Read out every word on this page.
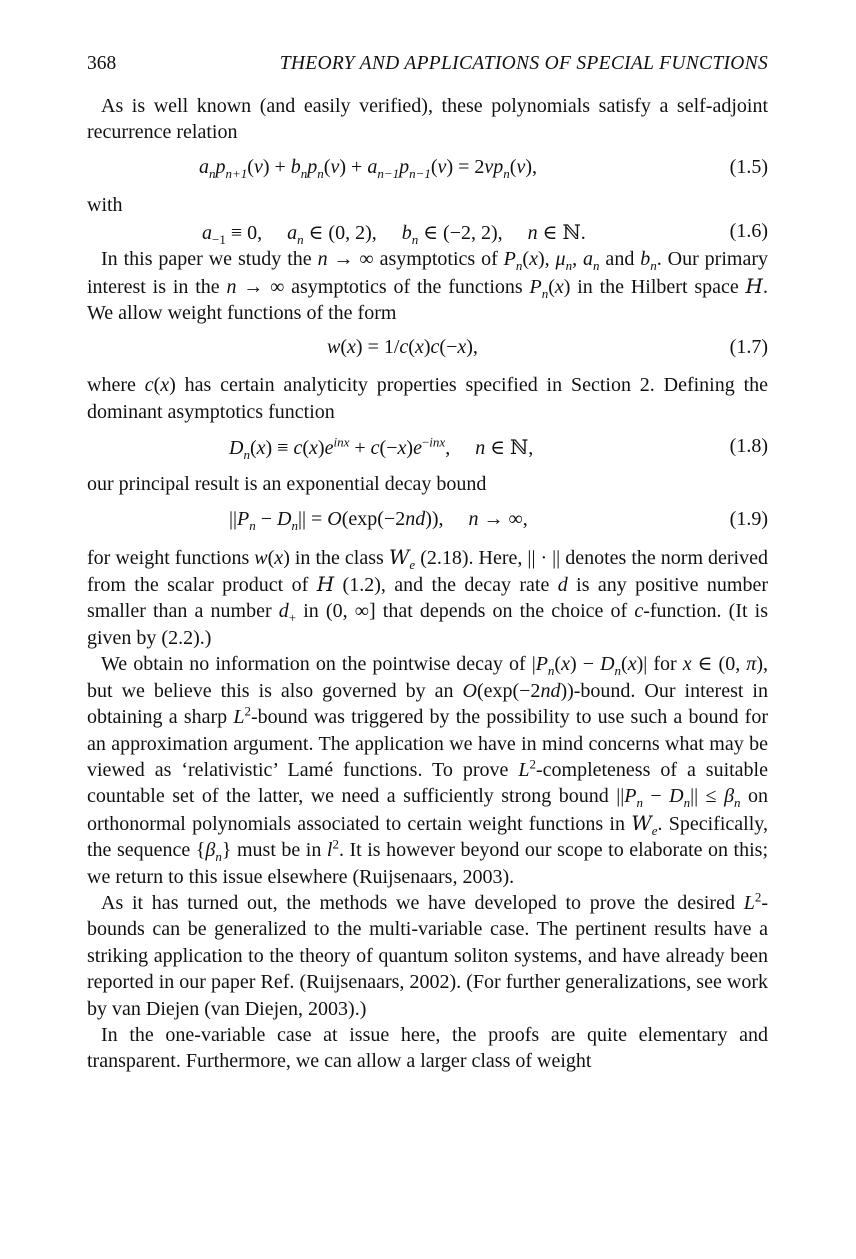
368	THEORY AND APPLICATIONS OF SPECIAL FUNCTIONS

As is well known (and easily verified), these polynomials satisfy a self-adjoint recurrence relation

$a_np_{n+1}(v) + b_np_n(v) + a_{n-1}p_{n-1}(v) = 2vp_n(v)$,	(1.5)

with

$a_{-1} \equiv 0$,     $a_n$ ∈ (0, 2),     $b_n$ ∈ (−2, 2),     n ∈ ℕ.	(1.6)

In this paper we study the n → ∞ asymptotics of $P_n(x)$, $\mu_n$, $a_n$ and $b_n$. Our primary interest is in the n → ∞ asymptotics of the functions $P_n(x)$ in the Hilbert space H. We allow weight functions of the form

w(x) = 1/c(x)c(−x),	(1.7)

where c(x) has certain analyticity properties specified in Section 2. Defining the dominant asymptotics function

$D_n(x) \equiv c(x)e^{inx} + c(-x)e^{-inx}$,     n ∈ ℕ,	(1.8)

our principal result is an exponential decay bound

$||P_n - D_n|| = O(\exp(-2nd))$,     n → ∞,	(1.9)

for weight functions w(x) in the class $W_e$ (2.18). Here, || · || denotes the norm derived from the scalar product of H (1.2), and the decay rate d is any positive number smaller than a number $d_+$ in (0, ∞] that depends on the choice of c-function. (It is given by (2.2).)

We obtain no information on the pointwise decay of $|P_n(x) - D_n(x)|$ for x ∈ (0, π), but we believe this is also governed by an O(exp(−2nd))-bound. Our interest in obtaining a sharp $L^2$-bound was triggered by the possibility to use such a bound for an approximation argument. The application we have in mind concerns what may be viewed as ‘relativistic’ Lamé functions. To prove $L^2$-completeness of a suitable countable set of the latter, we need a sufficiently strong bound $||P_n - D_n|| \le \beta_n$ on orthonormal polynomials associated to certain weight functions in $W_e$. Specifically, the sequence $\{\beta_n\}$ must be in $l^2$. It is however beyond our scope to elaborate on this; we return to this issue elsewhere (Ruijsenaars, 2003).

As it has turned out, the methods we have developed to prove the desired $L^2$-bounds can be generalized to the multi-variable case. The pertinent results have a striking application to the theory of quantum soliton systems, and have already been reported in our paper Ref. (Ruijsenaars, 2002). (For further generalizations, see work by van Diejen (van Diejen, 2003).)

In the one-variable case at issue here, the proofs are quite elementary and transparent. Furthermore, we can allow a larger class of weight
